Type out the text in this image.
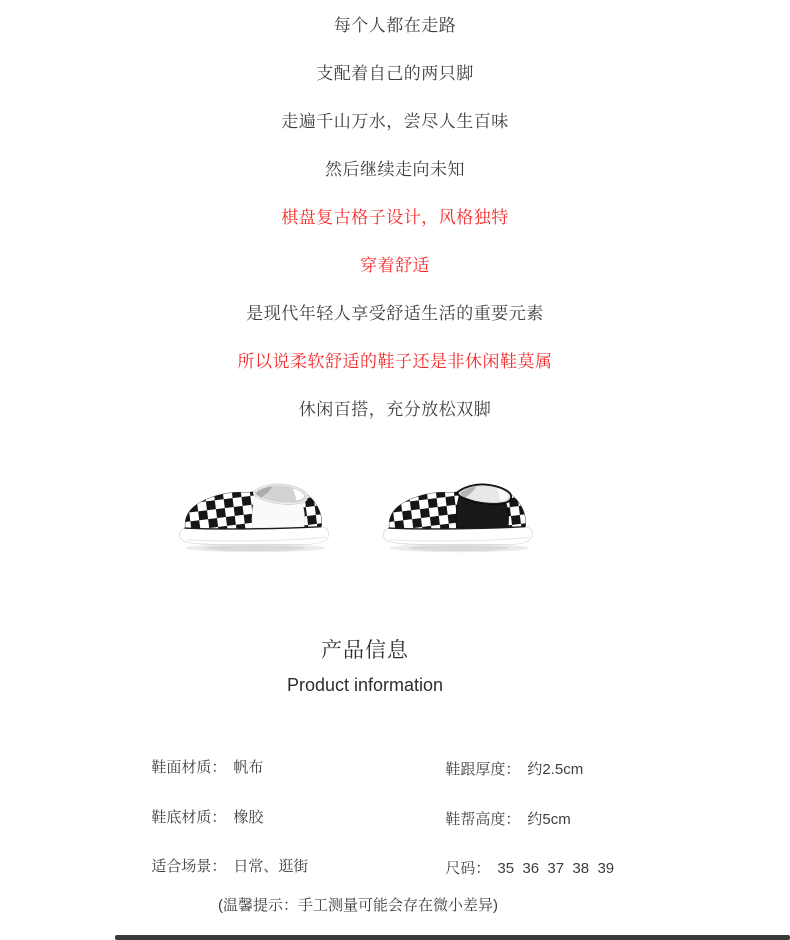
每个人都在走路
支配着自己的两只脚
走遍千山万水，尝尽人生百味
然后继续走向未知
棋盘复古格子设计，风格独特
穿着舒适
是现代年轻人享受舒适生活的重要元素
所以说柔软舒适的鞋子还是非休闲鞋莫属
休闲百搭，充分放松双脚
产品信息
Product information

鞋面材质： 帆布

鞋底材质： 橡胶

适合场景： 日常、逛街

鞋跟厚度： 约2.5cm

鞋帮高度： 约5cm

尺码： 35  36  37  38  39

(温馨提示：手工测量可能会存在微小差异)
